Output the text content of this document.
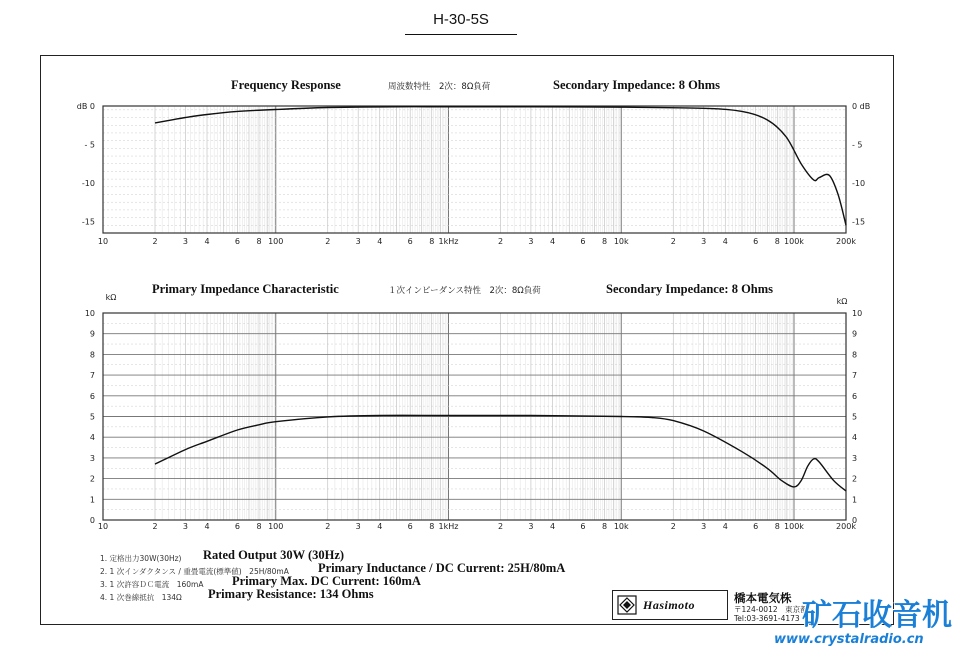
H-30-5S
10	2	3 4	6 8 100	2	3 4	6 8 1kHz	2	3 4	6 8 10k	2	3 4	6 8 100k	200k
dB 0	0 dB
- 5	- 5
-10	-10
-15	-15
Frequency Response	周波数特性　2次：8Ω負荷	Secondary Impedance: 8 Ohms
10	2	3 4	6 8 100	2	3 4	6 8 1kHz	2	3 4	6 8 10k	2	3 4	6 8 100k	200k
0	0
1	1
2	2
3	3
4	4
5	5
6	6
7	7
8	8
9	9
10	10
kΩ	kΩ
Primary Impedance Characteristic	１次インピーダンス特性　2次：8Ω負荷	Secondary Impedance: 8 Ohms
1. 定格出力30W(30Hz) Rated Output 30W (30Hz)
2. 1 次インダクタンス / 重畳電流(標準値)　25H/80mA Primary Inductance / DC Current: 25H/80mA
3. 1 次許容ＤＣ電流　160mA Primary Max. DC Current: 160mA
4. 1 次巻線抵抗　134Ω Primary Resistance: 134 Ohms
Hasimoto	橋本電気株
〒124-0012　東京都
Tel:03-3691-4173 矿石收音机
www.crystalradio.cn
